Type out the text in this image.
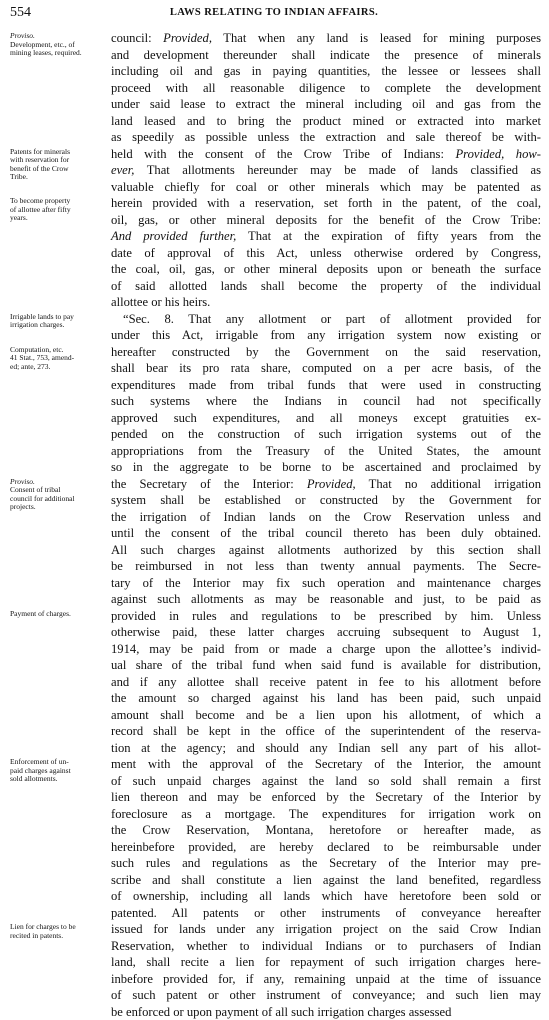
554	LAWS RELATING TO INDIAN AFFAIRS.
Proviso.
Development, etc., of
mining leases, required.
Patents for minerals
with reservation for
benefit of the Crow
Tribe.
To become property
of allottee after fifty
years.
Irrigable lands to pay
irrigation charges.
Computation, etc.
41 Stat., 753, amend-
ed; ante, 273.
Proviso.
Consent of tribal
council for additional
projects.
Payment of charges.
Enforcement of un-
paid charges against
sold allotments.
Lien for charges to be
recited in patents.
council: Provided, That when any land is leased for mining purposes
and development thereunder shall indicate the presence of minerals
including oil and gas in paying quantities, the lessee or lessees shall
proceed with all reasonable diligence to complete the development
under said lease to extract the mineral including oil and gas from the
land leased and to bring the product mined or extracted into market
as speedily as possible unless the extraction and sale thereof be with-
held with the consent of the Crow Tribe of Indians: Provided, how-
ever, That allotments hereunder may be made of lands classified as
valuable chiefly for coal or other minerals which may be patented as
herein provided with a reservation, set forth in the patent, of the coal,
oil, gas, or other mineral deposits for the benefit of the Crow Tribe:
And provided further, That at the expiration of fifty years from the
date of approval of this Act, unless otherwise ordered by Congress,
the coal, oil, gas, or other mineral deposits upon or beneath the surface
of said allotted lands shall become the property of the individual
allottee or his heirs.
“Sec. 8. That any allotment or part of allotment provided for
under this Act, irrigable from any irrigation system now existing or
hereafter constructed by the Government on the said reservation,
shall bear its pro rata share, computed on a per acre basis, of the
expenditures made from tribal funds that were used in constructing
such systems where the Indians in council had not specifically
approved such expenditures, and all moneys except gratuities ex-
pended on the construction of such irrigation systems out of the
appropriations from the Treasury of the United States, the amount
so in the aggregate to be borne to be ascertained and proclaimed by
the Secretary of the Interior: Provided, That no additional irrigation
system shall be established or constructed by the Government for
the irrigation of Indian lands on the Crow Reservation unless and
until the consent of the tribal council thereto has been duly obtained.
All such charges against allotments authorized by this section shall
be reimbursed in not less than twenty annual payments. The Secre-
tary of the Interior may fix such operation and maintenance charges
against such allotments as may be reasonable and just, to be paid as
provided in rules and regulations to be prescribed by him. Unless
otherwise paid, these latter charges accruing subsequent to August 1,
1914, may be paid from or made a charge upon the allottee’s individ-
ual share of the tribal fund when said fund is available for distribution,
and if any allottee shall receive patent in fee to his allotment before
the amount so charged against his land has been paid, such unpaid
amount shall become and be a lien upon his allotment, of which a
record shall be kept in the office of the superintendent of the reserva-
tion at the agency; and should any Indian sell any part of his allot-
ment with the approval of the Secretary of the Interior, the amount
of such unpaid charges against the land so sold shall remain a first
lien thereon and may be enforced by the Secretary of the Interior by
foreclosure as a mortgage. The expenditures for irrigation work on
the Crow Reservation, Montana, heretofore or hereafter made, as
hereinbefore provided, are hereby declared to be reimbursable under
such rules and regulations as the Secretary of the Interior may pre-
scribe and shall constitute a lien against the land benefited, regardless
of ownership, including all lands which have heretofore been sold or
patented. All patents or other instruments of conveyance hereafter
issued for lands under any irrigation project on the said Crow Indian
Reservation, whether to individual Indians or to purchasers of Indian
land, shall recite a lien for repayment of such irrigation charges here-
inbefore provided for, if any, remaining unpaid at the time of issuance
of such patent or other instrument of conveyance; and such lien may
be enforced or upon payment of all such irrigation charges assessed
